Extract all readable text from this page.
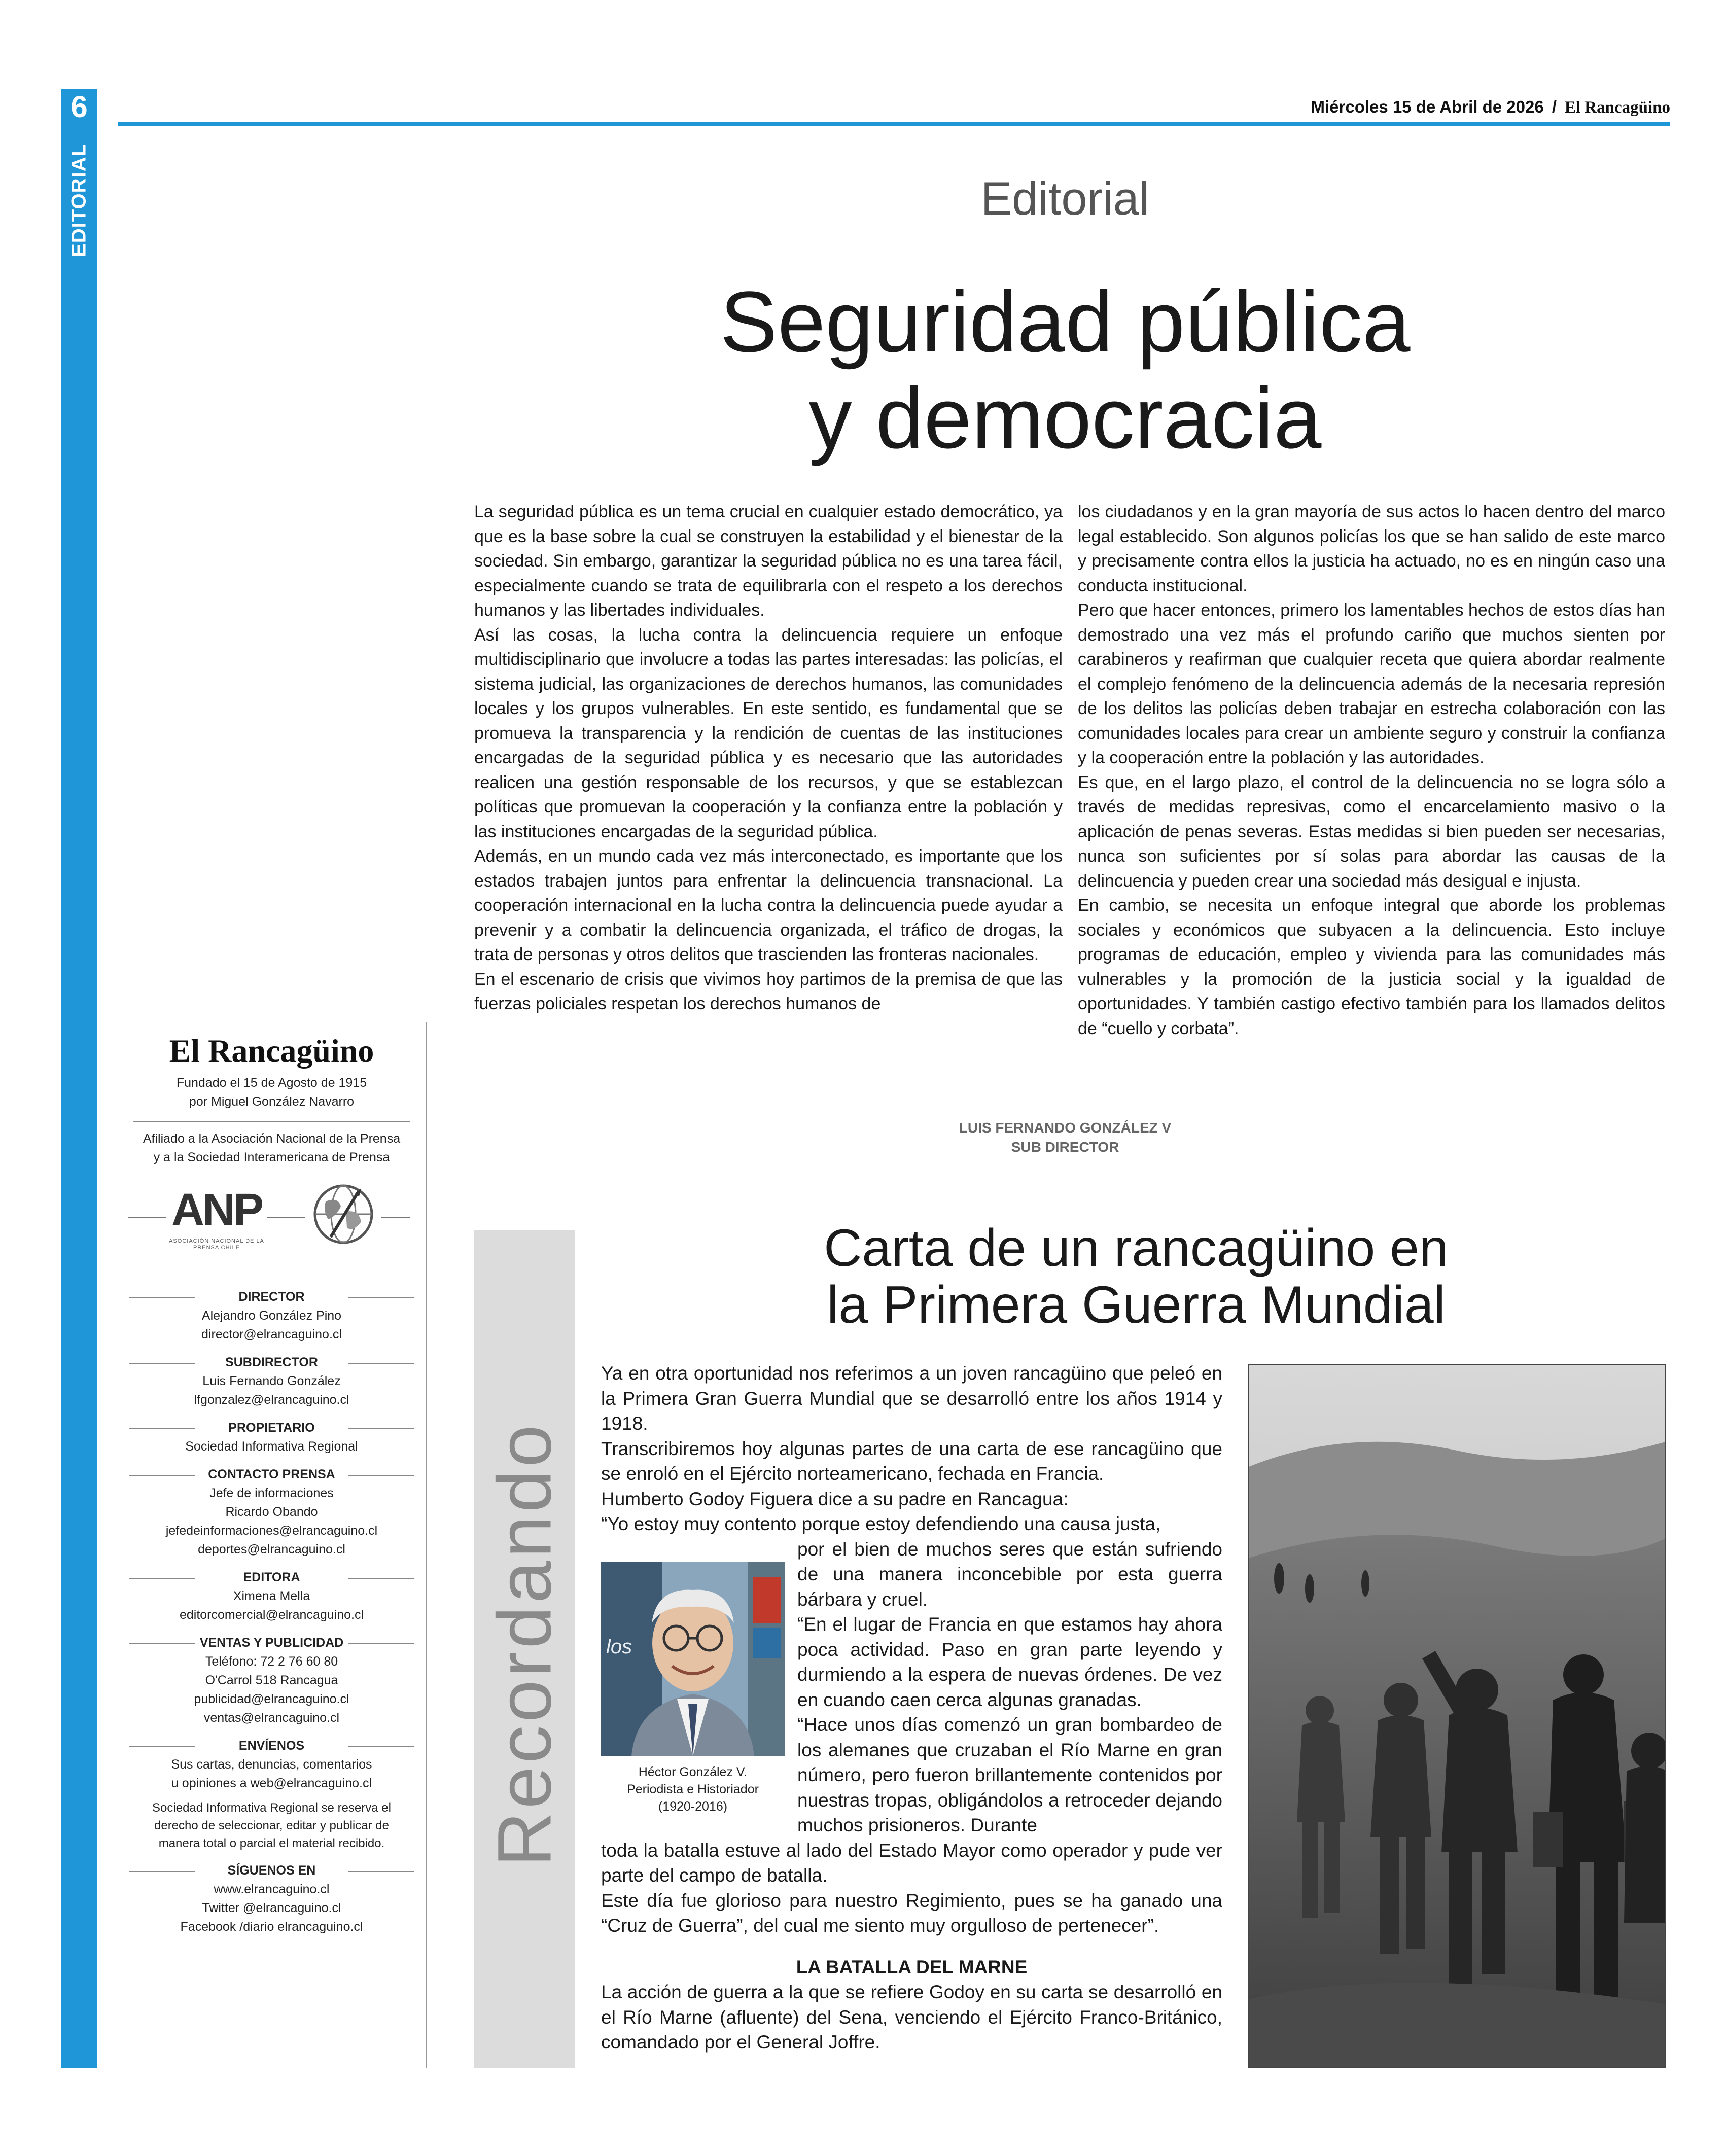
6
EDITORIAL
Miércoles 15 de Abril de 2026 / El Rancagüino
Editorial
Seguridad pública
y democracia

La seguridad pública es un tema crucial en cualquier estado democrático, ya que es la base sobre la cual se construyen la estabilidad y el bienestar de la sociedad. Sin embargo, garantizar la seguridad pública no es una tarea fácil, especialmente cuando se trata de equilibrarla con el respeto a los derechos humanos y las libertades individuales.

Así las cosas, la lucha contra la delincuencia requiere un enfoque multidisciplinario que involucre a todas las partes interesadas: las policías, el sistema judicial, las organizaciones de derechos humanos, las comunidades locales y los grupos vulnerables. En este sentido, es fundamental que se promueva la transparencia y la rendición de cuentas de las instituciones encargadas de la seguridad pública y es necesario que las autoridades realicen una gestión responsable de los recursos, y que se establezcan políticas que promuevan la cooperación y la confianza entre la población y las instituciones encargadas de la seguridad pública.

Además, en un mundo cada vez más interconectado, es importante que los estados trabajen juntos para enfrentar la delincuencia transnacional. La cooperación internacional en la lucha contra la delincuencia puede ayudar a prevenir y a combatir la delincuencia organizada, el tráfico de drogas, la trata de personas y otros delitos que trascienden las fronteras nacionales.

En el escenario de crisis que vivimos hoy partimos de la premisa de que las fuerzas policiales respetan los derechos humanos de

los ciudadanos y en la gran mayoría de sus actos lo hacen dentro del marco legal establecido. Son algunos policías los que se han salido de este marco y precisamente contra ellos la justicia ha actuado, no es en ningún caso una conducta institucional.

Pero que hacer entonces, primero los lamentables hechos de estos días han demostrado una vez más el profundo cariño que muchos sienten por carabineros y reafirman que cualquier receta que quiera abordar realmente el complejo fenómeno de la delincuencia además de la necesaria represión de los delitos las policías deben trabajar en estrecha colaboración con las comunidades locales para crear un ambiente seguro y construir la confianza y la cooperación entre la población y las autoridades.

Es que, en el largo plazo, el control de la delincuencia no se logra sólo a través de medidas represivas, como el encarcelamiento masivo o la aplicación de penas severas. Estas medidas si bien pueden ser necesarias, nunca son suficientes por sí solas para abordar las causas de la delincuencia y pueden crear una sociedad más desigual e injusta.

En cambio, se necesita un enfoque integral que aborde los problemas sociales y económicos que subyacen a la delincuencia. Esto incluye programas de educación, empleo y vivienda para las comunidades más vulnerables y la promoción de la justicia social y la igualdad de oportunidades. Y también castigo efectivo también para los llamados delitos de “cuello y corbata”.

LUIS FERNANDO GONZÁLEZ V
SUB DIRECTOR
El Rancagüino
Fundado el 15 de Agosto de 1915
por Miguel González Navarro
Afiliado a la Asociación Nacional de la Prensa
y a la Sociedad Interamericana de Prensa
ANP
ASOCIACIÓN NACIONAL DE LA PRENSA CHILE
DIRECTOR
Alejandro González Pino
director@elrancaguino.cl
SUBDIRECTOR
Luis Fernando González
lfgonzalez@elrancaguino.cl
PROPIETARIO
Sociedad Informativa Regional
CONTACTO PRENSA
Jefe de informaciones
Ricardo Obando
jefedeinformaciones@elrancaguino.cl
deportes@elrancaguino.cl
EDITORA
Ximena Mella
editorcomercial@elrancaguino.cl
VENTAS Y PUBLICIDAD
Teléfono: 72 2 76 60 80
O'Carrol 518 Rancagua
publicidad@elrancaguino.cl
ventas@elrancaguino.cl
ENVÍENOS
Sus cartas, denuncias, comentarios
u opiniones a web@elrancaguino.cl
Sociedad Informativa Regional se reserva el derecho de seleccionar, editar y publicar de manera total o parcial el material recibido.
SÍGUENOS EN
www.elrancaguino.cl
Twitter @elrancaguino.cl
Facebook /diario elrancaguino.cl
Recordando
Carta de un rancagüino en
la Primera Guerra Mundial

Ya en otra oportunidad nos referimos a un joven rancagüino que peleó en la Primera Gran Guerra Mundial que se desarrolló entre los años 1914 y 1918.

Transcribiremos hoy algunas partes de una carta de ese rancagüino que se enroló en el Ejército norteamericano, fechada en Francia.

Humberto Godoy Figuera dice a su padre en Rancagua:

“Yo estoy muy contento porque estoy defendiendo una causa justa,

por el bien de muchos seres que están sufriendo de una manera inconcebible por esta guerra bárbara y cruel.

“En el lugar de Francia en que estamos hay ahora poca actividad. Paso en gran parte leyendo y durmiendo a la espera de nuevas órdenes. De vez en cuando caen cerca algunas granadas.

“Hace unos días comenzó un gran bombardeo de los alemanes que cruzaban el Río Marne en gran número, pero fueron brillantemente contenidos por nuestras tropas, obligándolos a retroceder dejando muchos prisioneros. Durante

toda la batalla estuve al lado del Estado Mayor como operador y pude ver parte del campo de batalla.

Este día fue glorioso para nuestro Regimiento, pues se ha ganado una “Cruz de Guerra”, del cual me siento muy orgulloso de pertenecer”.

LA BATALLA DEL MARNE

La acción de guerra a la que se refiere Godoy en su carta se desarrolló en el Río Marne (afluente) del Sena, venciendo el Ejército Franco-Británico, comandado por el General Joffre.

los
Héctor González V.
Periodista e Historiador
(1920-2016)
